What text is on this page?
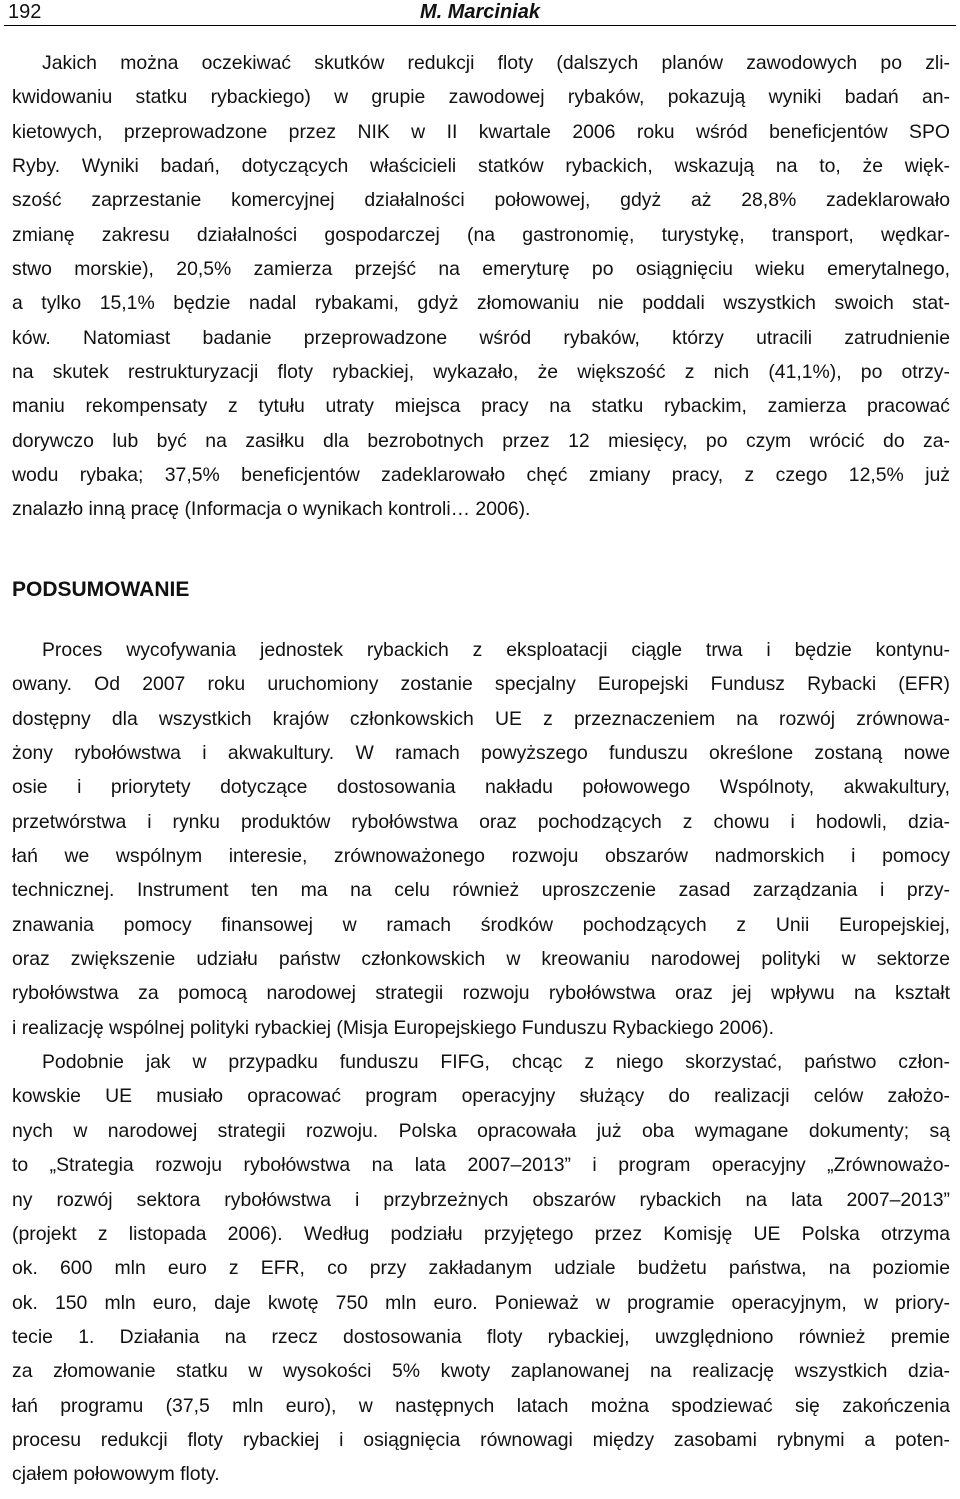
192	M. Marciniak
Jakich można oczekiwać skutków redukcji floty (dalszych planów zawodowych po zli-
kwidowaniu statku rybackiego) w grupie zawodowej rybaków, pokazują wyniki badań an-
kietowych, przeprowadzone przez NIK w II kwartale 2006 roku wśród beneficjentów SPO
Ryby. Wyniki badań, dotyczących właścicieli statków rybackich, wskazują na to, że więk-
szość zaprzestanie komercyjnej działalności połowowej, gdyż aż 28,8% zadeklarowało
zmianę zakresu działalności gospodarczej (na gastronomię, turystykę, transport, wędkar-
stwo morskie), 20,5% zamierza przejść na emeryturę po osiągnięciu wieku emerytalnego,
a tylko 15,1% będzie nadal rybakami, gdyż złomowaniu nie poddali wszystkich swoich stat-
ków. Natomiast badanie przeprowadzone wśród rybaków, którzy utracili zatrudnienie
na skutek restrukturyzacji floty rybackiej, wykazało, że większość z nich (41,1%), po otrzy-
maniu rekompensaty z tytułu utraty miejsca pracy na statku rybackim, zamierza pracować
dorywczo lub być na zasiłku dla bezrobotnych przez 12 miesięcy, po czym wrócić do za-
wodu rybaka; 37,5% beneficjentów zadeklarowało chęć zmiany pracy, z czego 12,5% już
znalazło inną pracę (Informacja o wynikach kontroli… 2006).
PODSUMOWANIE
Proces wycofywania jednostek rybackich z eksploatacji ciągle trwa i będzie kontynu-
owany. Od 2007 roku uruchomiony zostanie specjalny Europejski Fundusz Rybacki (EFR)
dostępny dla wszystkich krajów członkowskich UE z przeznaczeniem na rozwój zrównowa-
żony rybołówstwa i akwakultury. W ramach powyższego funduszu określone zostaną nowe
osie i priorytety dotyczące dostosowania nakładu połowowego Wspólnoty, akwakultury,
przetwórstwa i rynku produktów rybołówstwa oraz pochodzących z chowu i hodowli, dzia-
łań we wspólnym interesie, zrównoważonego rozwoju obszarów nadmorskich i pomocy
technicznej. Instrument ten ma na celu również uproszczenie zasad zarządzania i przy-
znawania pomocy finansowej w ramach środków pochodzących z Unii Europejskiej,
oraz zwiększenie udziału państw członkowskich w kreowaniu narodowej polityki w sektorze
rybołówstwa za pomocą narodowej strategii rozwoju rybołówstwa oraz jej wpływu na kształt
i realizację wspólnej polityki rybackiej (Misja Europejskiego Funduszu Rybackiego 2006).
Podobnie jak w przypadku funduszu FIFG, chcąc z niego skorzystać, państwo człon-
kowskie UE musiało opracować program operacyjny służący do realizacji celów założo-
nych w narodowej strategii rozwoju. Polska opracowała już oba wymagane dokumenty; są
to „Strategia rozwoju rybołówstwa na lata 2007–2013” i program operacyjny „Zrównoważo-
ny rozwój sektora rybołówstwa i przybrzeżnych obszarów rybackich na lata 2007–2013”
(projekt z listopada 2006). Według podziału przyjętego przez Komisję UE Polska otrzyma
ok. 600 mln euro z EFR, co przy zakładanym udziale budżetu państwa, na poziomie
ok. 150 mln euro, daje kwotę 750 mln euro. Ponieważ w programie operacyjnym, w priory-
tecie 1. Działania na rzecz dostosowania floty rybackiej, uwzględniono również premie
za złomowanie statku w wysokości 5% kwoty zaplanowanej na realizację wszystkich dzia-
łań programu (37,5 mln euro), w następnych latach można spodziewać się zakończenia
procesu redukcji floty rybackiej i osiągnięcia równowagi między zasobami rybnymi a poten-
cjałem połowowym floty.
